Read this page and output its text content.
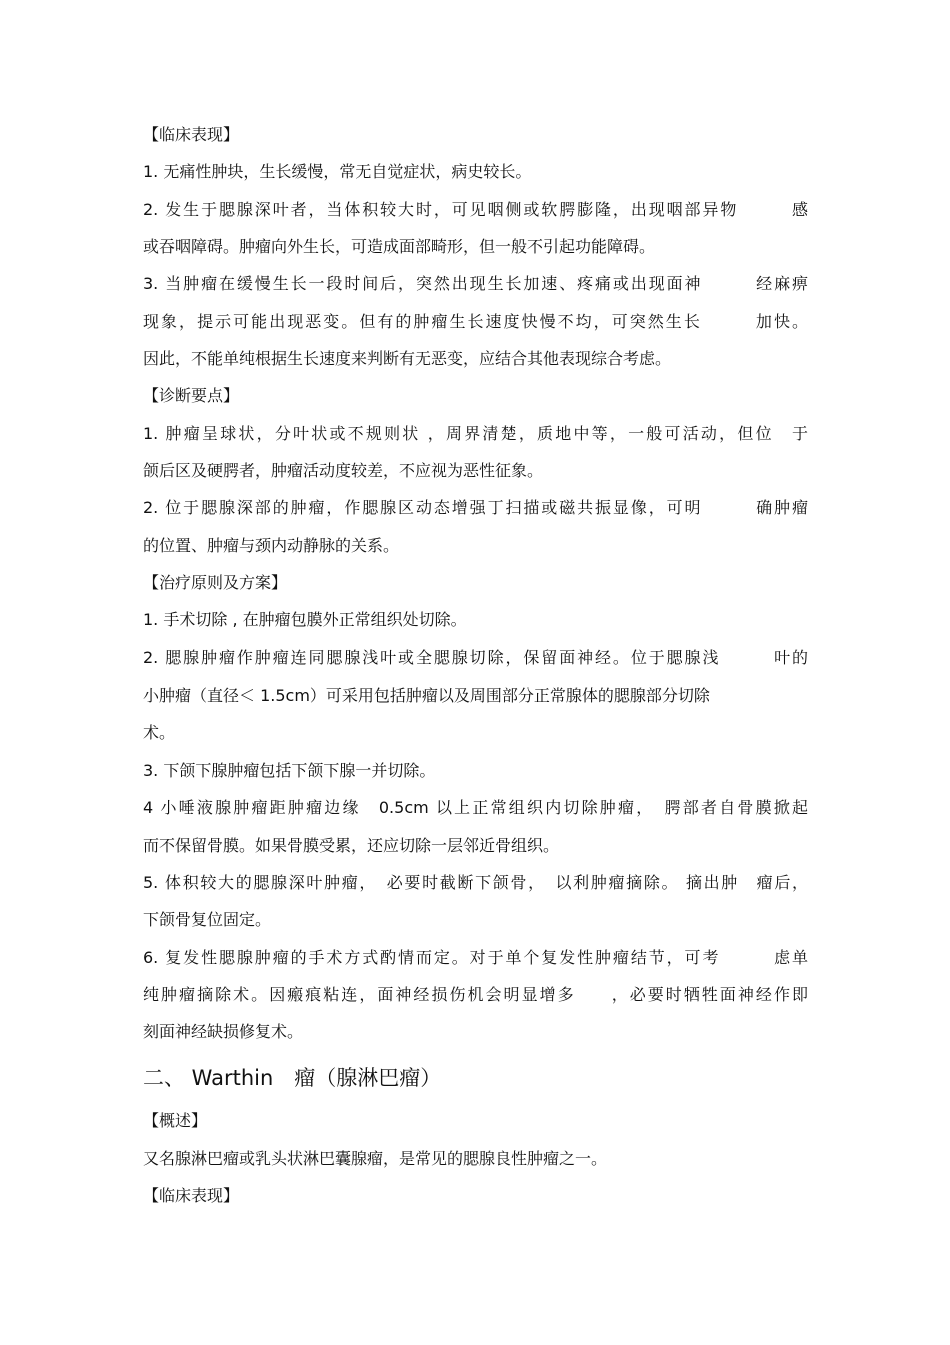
【临床表现】
1. 无痛性肿块，生长缓慢，常无自觉症状，病史较长。
2. 发生于腮腺深叶者，当体积较大时，可见咽侧或软腭膨隆，出现咽部异物　　　感
或吞咽障碍。肿瘤向外生长，可造成面部畸形，但一般不引起功能障碍。
3. 当肿瘤在缓慢生长一段时间后，突然出现生长加速、疼痛或出现面神　　　经麻痹
现象，提示可能出现恶变。但有的肿瘤生长速度快慢不均，可突然生长　　　加快。
因此，不能单纯根据生长速度来判断有无恶变，应结合其他表现综合考虑。
【诊断要点】
1. 肿瘤呈球状，分叶状或不规则状 ，周界清楚，质地中等，一般可活动，但位　于
颌后区及硬腭者，肿瘤活动度较差，不应视为恶性征象。
2. 位于腮腺深部的肿瘤，作腮腺区动态增强丁扫描或磁共振显像，可明　　　确肿瘤
的位置、肿瘤与颈内动静脉的关系。
【治疗原则及方案】
1. 手术切除 , 在肿瘤包膜外正常组织处切除。
2. 腮腺肿瘤作肿瘤连同腮腺浅叶或全腮腺切除，保留面神经。位于腮腺浅　　　叶的
小肿瘤（直径＜ 1.5cm）可采用包括肿瘤以及周围部分正常腺体的腮腺部分切除
术。
3. 下颌下腺肿瘤包括下颌下腺一并切除。
4 小唾液腺肿瘤距肿瘤边缘　0.5cm 以上正常组织内切除肿瘤，　腭部者自骨膜掀起
而不保留骨膜。如果骨膜受累，还应切除一层邻近骨组织。
5. 体积较大的腮腺深叶肿瘤，　必要时截断下颌骨，　以利肿瘤摘除。 摘出肿　瘤后，
下颌骨复位固定。
6. 复发性腮腺肿瘤的手术方式酌情而定。对于单个复发性肿瘤结节，可考　　　虑单
纯肿瘤摘除术。因瘢痕粘连，面神经损伤机会明显增多　　，必要时牺牲面神经作即
刻面神经缺损修复术。
二、 Warthin　瘤（腺淋巴瘤）
【概述】
又名腺淋巴瘤或乳头状淋巴囊腺瘤，是常见的腮腺良性肿瘤之一。
【临床表现】
